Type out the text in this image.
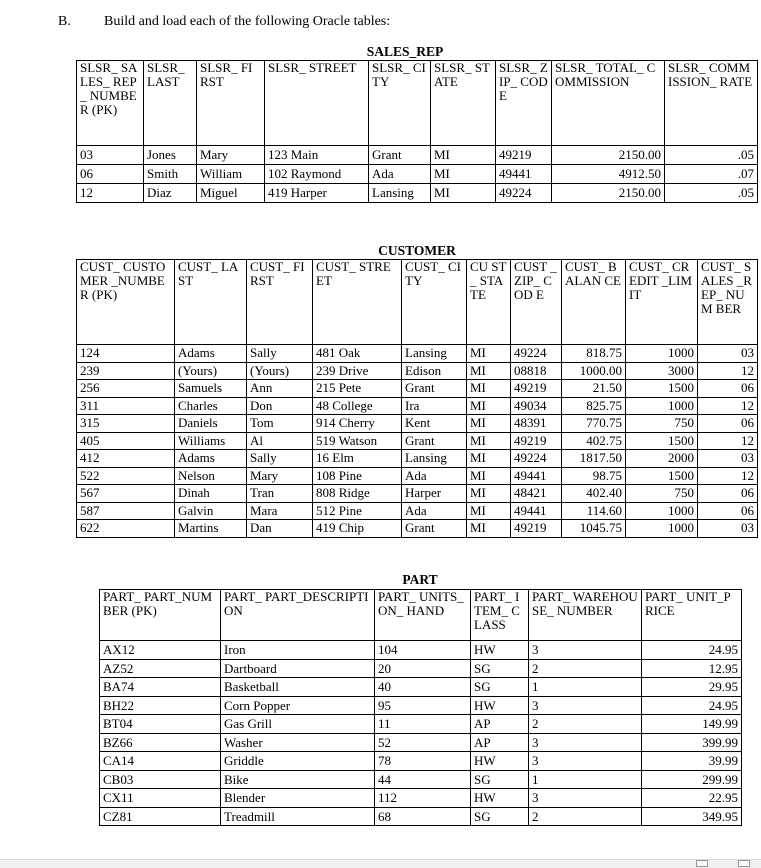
B. Build and load each of the following Oracle tables:
SALES_REP
SLSR_ SALES_ REP_ NUMBE R (PK)	SLSR_ LAST	SLSR_ FIRST	SLSR_ STREET	SLSR_ CITY	SLSR_ STATE	SLSR_ ZIP_ CODE	SLSR_ TOTAL_ COMMISSION	SLSR_ COMM ISSION_ RATE
03	Jones	Mary	123 Main	Grant	MI	49219	2150.00	.05
06	Smith	William	102 Raymond	Ada	MI	49441	4912.50	.07
12	Diaz	Miguel	419 Harper	Lansing	MI	49224	2150.00	.05
CUSTOMER
CUST_ CUSTOMER _NUMBER (PK)	CUST_ LAST	CUST_ FIRST	CUST_ STREET	CUST_ CITY	CU ST_ STA TE	CUST _ZIP_ COD E	CUST_ BALAN CE	CUST_ CREDIT _LIMIT	CUST_ SALES _REP_ NUM BER
124	Adams	Sally	481 Oak	Lansing	MI	49224	818.75	1000	03
239	(Yours)	(Yours)	239 Drive	Edison	MI	08818	1000.00	3000	12
256	Samuels	Ann	215 Pete	Grant	MI	49219	21.50	1500	06
311	Charles	Don	48 College	Ira	MI	49034	825.75	1000	12
315	Daniels	Tom	914 Cherry	Kent	MI	48391	770.75	750	06
405	Williams	Al	519 Watson	Grant	MI	49219	402.75	1500	12
412	Adams	Sally	16 Elm	Lansing	MI	49224	1817.50	2000	03
522	Nelson	Mary	108 Pine	Ada	MI	49441	98.75	1500	12
567	Dinah	Tran	808 Ridge	Harper	MI	48421	402.40	750	06
587	Galvin	Mara	512 Pine	Ada	MI	49441	114.60	1000	06
622	Martins	Dan	419 Chip	Grant	MI	49219	1045.75	1000	03
PART
PART_ PART_NUMBER (PK)	PART_ PART_DESCRIPTION	PART_ UNITS_ON_ HAND	PART_ ITEM_ CLASS	PART_ WAREHOUSE_ NUMBER	PART_ UNIT_PRICE
AX12	Iron	104	HW	3	24.95
AZ52	Dartboard	20	SG	2	12.95
BA74	Basketball	40	SG	1	29.95
BH22	Corn Popper	95	HW	3	24.95
BT04	Gas Grill	11	AP	2	149.99
BZ66	Washer	52	AP	3	399.99
CA14	Griddle	78	HW	3	39.99
CB03	Bike	44	SG	1	299.99
CX11	Blender	112	HW	3	22.95
CZ81	Treadmill	68	SG	2	349.95
